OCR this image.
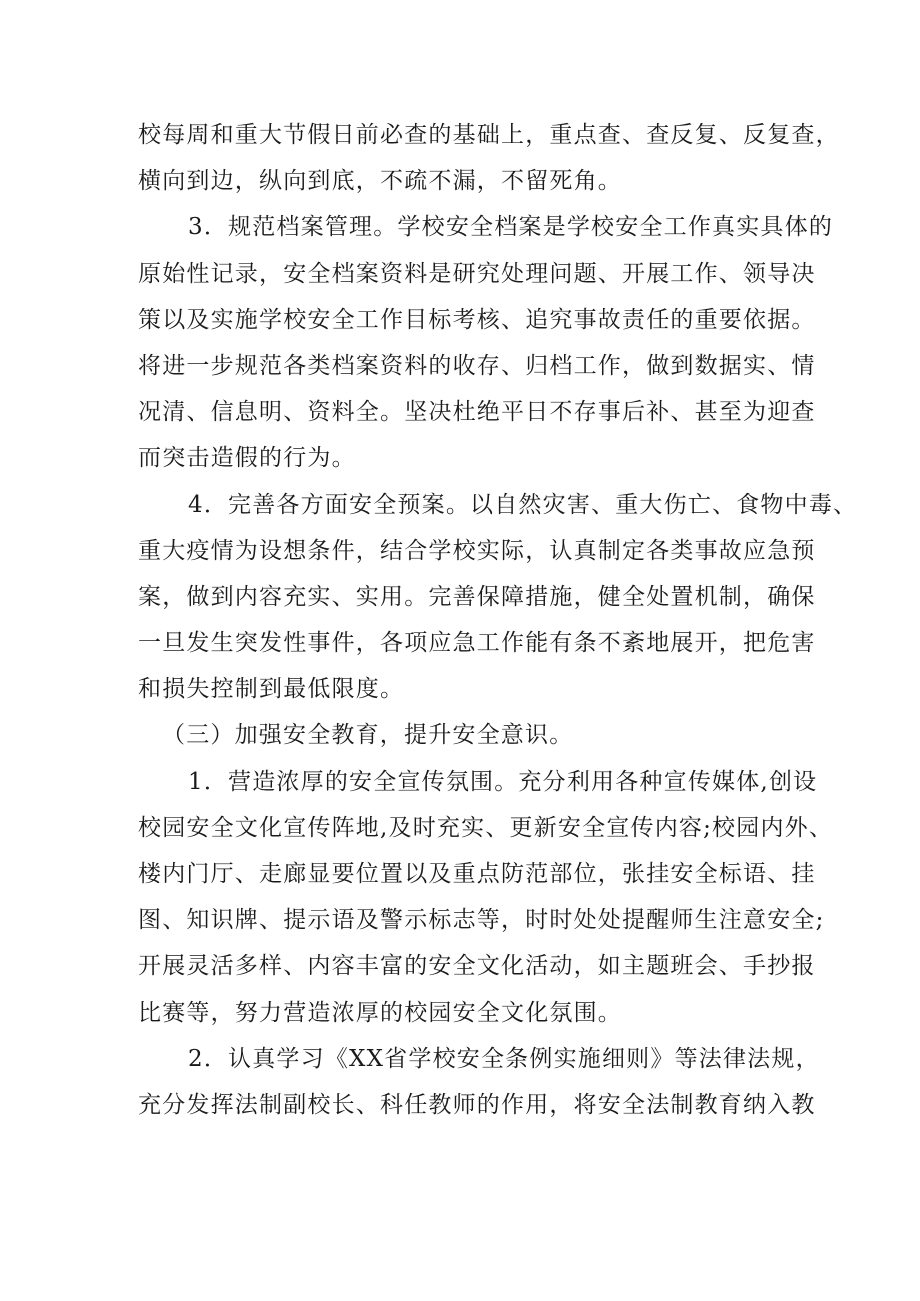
校每周和重大节假日前必查的基础上，重点查、查反复、反复查，
横向到边，纵向到底，不疏不漏，不留死角。
3．规范档案管理。学校安全档案是学校安全工作真实具体的
原始性记录，安全档案资料是研究处理问题、开展工作、领导决
策以及实施学校安全工作目标考核、追究事故责任的重要依据。
将进一步规范各类档案资料的收存、归档工作，做到数据实、情
况清、信息明、资料全。坚决杜绝平日不存事后补、甚至为迎查
而突击造假的行为。
4．完善各方面安全预案。以自然灾害、重大伤亡、食物中毒、
重大疫情为设想条件，结合学校实际，认真制定各类事故应急预
案，做到内容充实、实用。完善保障措施，健全处置机制，确保
一旦发生突发性事件，各项应急工作能有条不紊地展开，把危害
和损失控制到最低限度。
（三）加强安全教育，提升安全意识。
1．营造浓厚的安全宣传氛围。充分利用各种宣传媒体,创设
校园安全文化宣传阵地,及时充实、更新安全宣传内容;校园内外、
楼内门厅、走廊显要位置以及重点防范部位，张挂安全标语、挂
图、知识牌、提示语及警示标志等，时时处处提醒师生注意安全;
开展灵活多样、内容丰富的安全文化活动，如主题班会、手抄报
比赛等，努力营造浓厚的校园安全文化氛围。
2．认真学习《XX省学校安全条例实施细则》等法律法规，
充分发挥法制副校长、科任教师的作用，将安全法制教育纳入教
